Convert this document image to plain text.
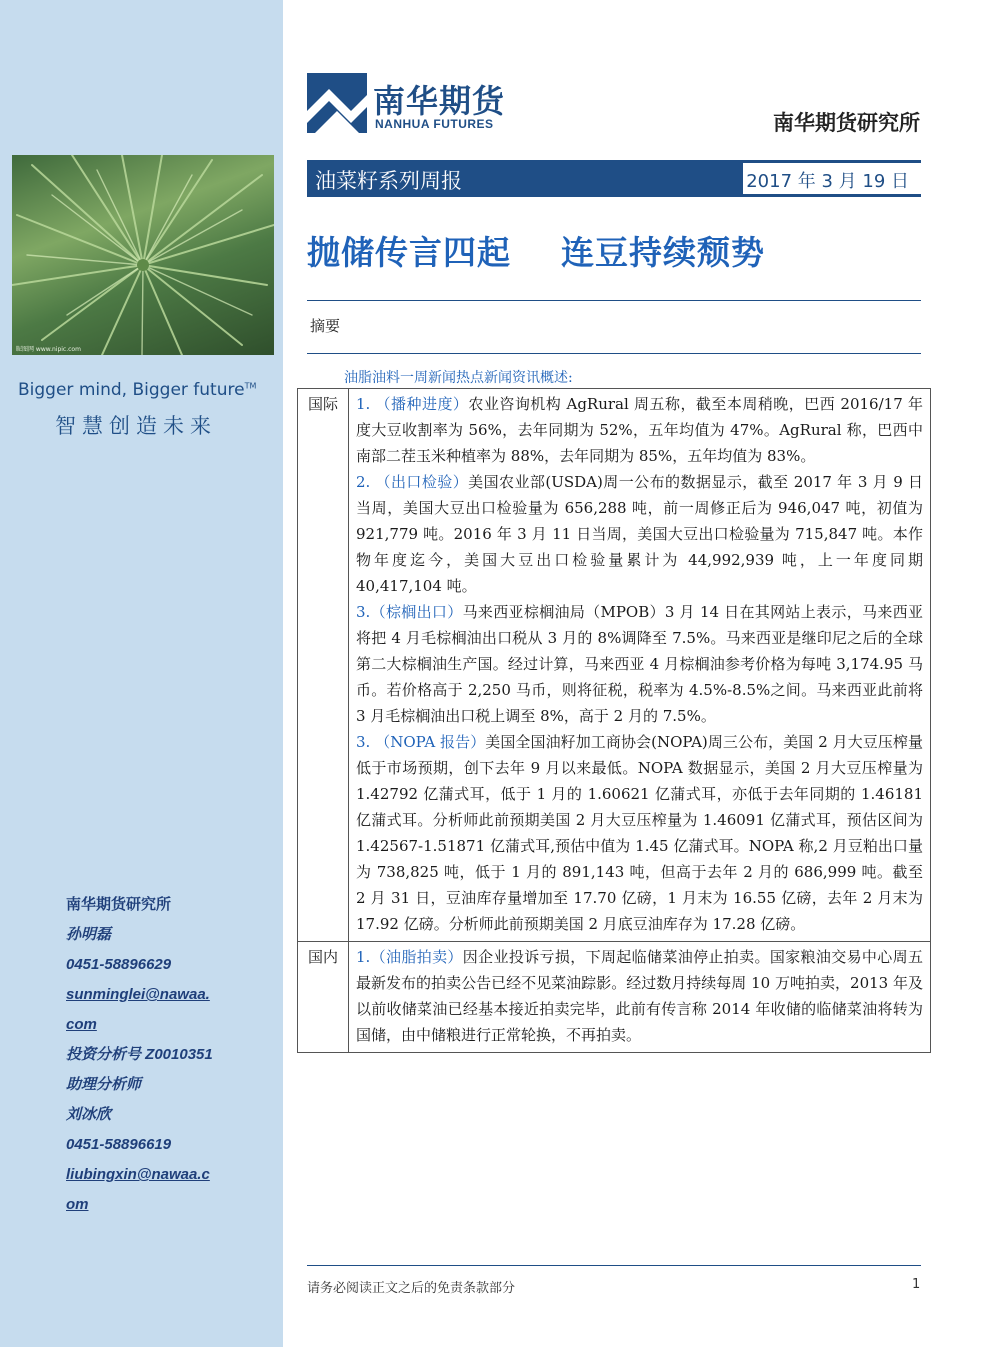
昵图网 www.nipic.com
Bigger mind, Bigger future™
智慧创造未来
南华期货研究所
孙明磊
0451-58896629
sunminglei@nawaa.
com
投资分析号 Z0010351
助理分析师
刘冰欣
0451-58896619
liubingxin@nawaa.c
om
南华期货
NANHUA FUTURES	南华期货研究所
油菜籽系列周报	2017 年 3 月 19 日
抛储传言四起    连豆持续颓势
摘要
油脂油料一周新闻热点新闻资讯概述:
国际	1. （播种进度）农业咨询机构 AgRural 周五称，截至本周稍晚，巴西 2016/17 年度大豆收割率为 56%，去年同期为 52%，五年均值为 47%。AgRural 称，巴西中南部二茬玉米种植率为 88%，去年同期为 85%，五年均值为 83%。

2. （出口检验）美国农业部(USDA)周一公布的数据显示，截至 2017 年 3 月 9 日当周，美国大豆出口检验量为 656,288 吨，前一周修正后为 946,047 吨，初值为 921,779 吨。2016 年 3 月 11 日当周，美国大豆出口检验量为 715,847 吨。本作物年度迄今，美国大豆出口检验量累计为 44,992,939 吨，上一年度同期 40,417,104 吨。

3.（棕榈出口）马来西亚棕榈油局（MPOB）3 月 14 日在其网站上表示，马来西亚将把 4 月毛棕榈油出口税从 3 月的 8%调降至 7.5%。马来西亚是继印尼之后的全球第二大棕榈油生产国。经过计算，马来西亚 4 月棕榈油参考价格为每吨 3,174.95 马币。若价格高于 2,250 马币，则将征税，税率为 4.5%-8.5%之间。马来西亚此前将 3 月毛棕榈油出口税上调至 8%，高于 2 月的 7.5%。

3. （NOPA 报告）美国全国油籽加工商协会(NOPA)周三公布，美国 2 月大豆压榨量低于市场预期，创下去年 9 月以来最低。NOPA 数据显示，美国 2 月大豆压榨量为 1.42792 亿蒲式耳，低于 1 月的 1.60621 亿蒲式耳，亦低于去年同期的 1.46181 亿蒲式耳。分析师此前预期美国 2 月大豆压榨量为 1.46091 亿蒲式耳，预估区间为 1.42567-1.51871 亿蒲式耳,预估中值为 1.45 亿蒲式耳。NOPA 称,2 月豆粕出口量为 738,825 吨，低于 1 月的 891,143 吨，但高于去年 2 月的 686,999 吨。截至 2 月 31 日，豆油库存量增加至 17.70 亿磅，1 月末为 16.55 亿磅，去年 2 月末为 17.92 亿磅。分析师此前预期美国 2 月底豆油库存为 17.28 亿磅。

国内	1.（油脂拍卖）因企业投诉亏损，下周起临储菜油停止拍卖。国家粮油交易中心周五最新发布的拍卖公告已经不见菜油踪影。经过数月持续每周 10 万吨拍卖，2013 年及以前收储菜油已经基本接近拍卖完毕，此前有传言称 2014 年收储的临储菜油将转为国储，由中储粮进行正常轮换，不再拍卖。

请务必阅读正文之后的免责条款部分	1
